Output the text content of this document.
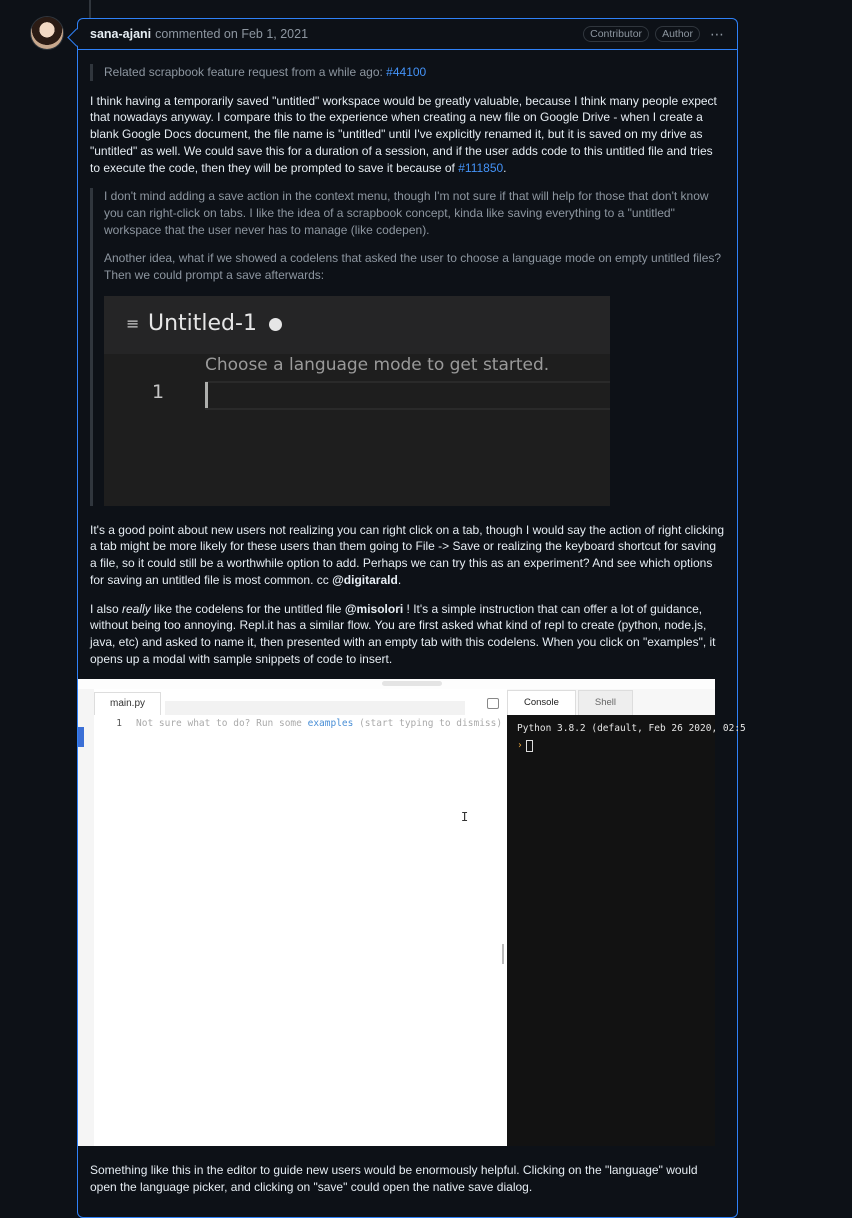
sana-ajani commented on
Feb 1, 2021	Contributor	Author	⋯

Related scrapbook feature request from a while ago: #44100

I think having a temporarily saved "untitled" workspace would be greatly valuable, because I think many people expect that nowadays anyway. I compare this to the experience when creating a new file on Google Drive - when I create a blank Google Docs document, the file name is "untitled" until I've explicitly renamed it, but it is saved on my drive as "untitled" as well. We could save this for a duration of a session, and if the user adds code to this untitled file and tries to execute the code, then they will be prompted to save it because of #111850.

I don't mind adding a save action in the context menu, though I'm not sure if that will help for those that don't know you can right-click on tabs. I like the idea of a scrapbook concept, kinda like saving everything to a "untitled" workspace that the user never has to manage (like codepen).

Another idea, what if we showed a codelens that asked the user to choose a language mode on empty untitled files? Then we could prompt a save afterwards:

≡ Untitled-1
Choose a language mode to get started.
1

It's a good point about new users not realizing you can right click on a tab, though I would say the action of right clicking a tab might be more likely for these users than them going to File -> Save or realizing the keyboard shortcut for saving a file, so it could still be a worthwhile option to add. Perhaps we can try this as an experiment? And see which options for saving an untitled file is most common. cc @digitarald.

I also really like the codelens for the untitled file @misolori ! It's a simple instruction that can offer a lot of guidance, without being too annoying. Repl.it has a similar flow. You are first asked what kind of repl to create (python, node.js, java, etc) and asked to name it, then presented with an empty tab with this codelens. When you click on "examples", it opens up a modal with sample snippets of code to insert.

main.py
1 Not sure what to do? Run some examples (start typing to dismiss)
I
Console	Shell
Python 3.8.2 (default, Feb 26 2020, 02:5
›

Something like this in the editor to guide new users would be enormously helpful. Clicking on the "language" would open the language picker, and clicking on "save" could open the native save dialog.
